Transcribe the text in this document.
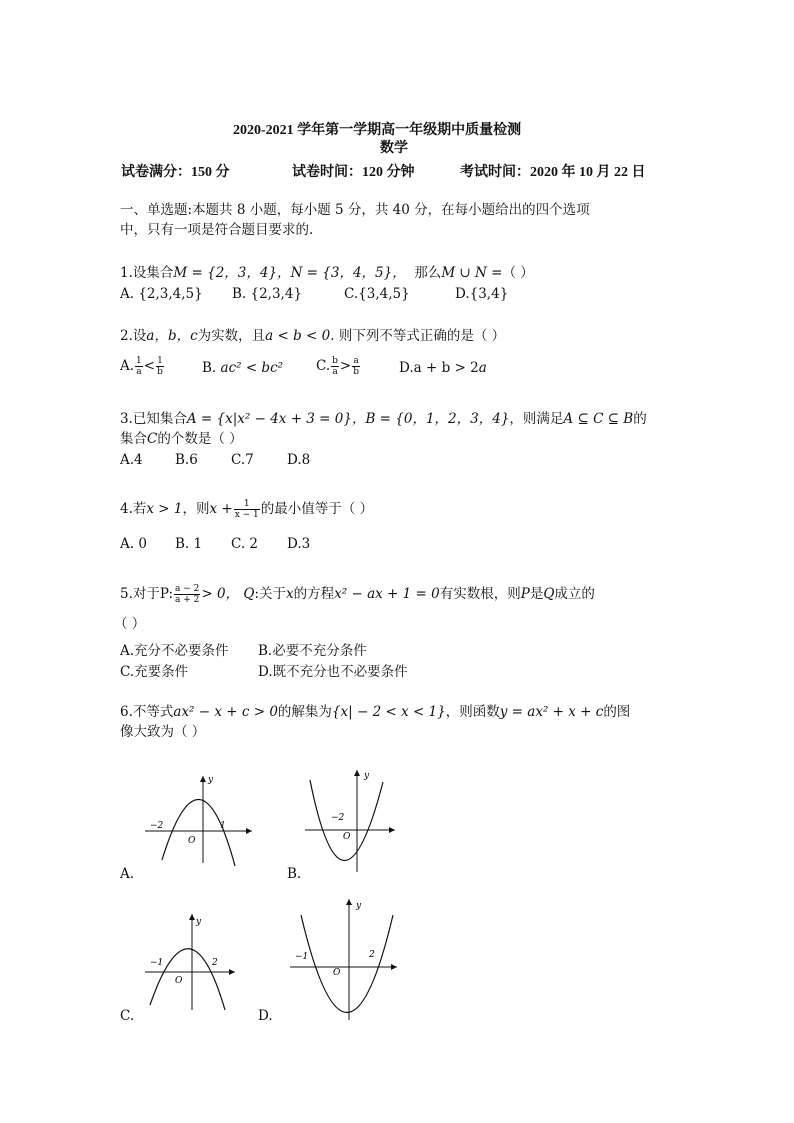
2020-2021 学年第一学期高一年级期中质量检测
数学
试卷满分：150 分	试卷时间：120 分钟	考试时间：2020 年 10 月 22 日
一、单选题:本题共 8 小题，每小题 5 分，共 40 分，在每小题给出的四个选项
中，只有一项是符合题目要求的.
1.设集合M = {2，3，4}，N = {3，4，5}， 那么M ∪ N =（ ）
A. {2,3,4,5} B. {2,3,4}	C.{3,4,5}	D.{3,4}
2.设a，b，c为实数，且a < b < 0. 则下列不等式正确的是（ ）
A. $\frac{1}{a} < \frac{1}{b}$	B. ac² < bc² C. $\frac{b}{a} > \frac{a}{b}$	D.a + b > 2a
3.已知集合A = {x|x² − 4x + 3 = 0}，B = {0，1，2，3，4}，则满足A ⊆ C ⊆ B的
集合C的个数是（ ）
A.4 B.6 C.7 D.8
4.若x > 1，则$x + \frac{1}{x - 1}$ 的最小值等于（ ）
A. 0 B. 1 C. 2 D.3
5.对于P: $\frac{a - 2}{a + 2} > 0$， Q:关于x的方程x² − ax + 1 = 0有实数根，则P是Q成立的
（ ）
A.充分不必要条件 B.必要不充分条件
C.充要条件	D.既不充分也不必要条件
6.不等式ax² − x + c > 0的解集为{x| − 2 < x < 1}，则函数y = ax² + x + c的图
像大致为（ ）
A.
y
−2	1
O
B.
y
−2
O
C.
y
−1	2
O
D.
y
−1	2
O
